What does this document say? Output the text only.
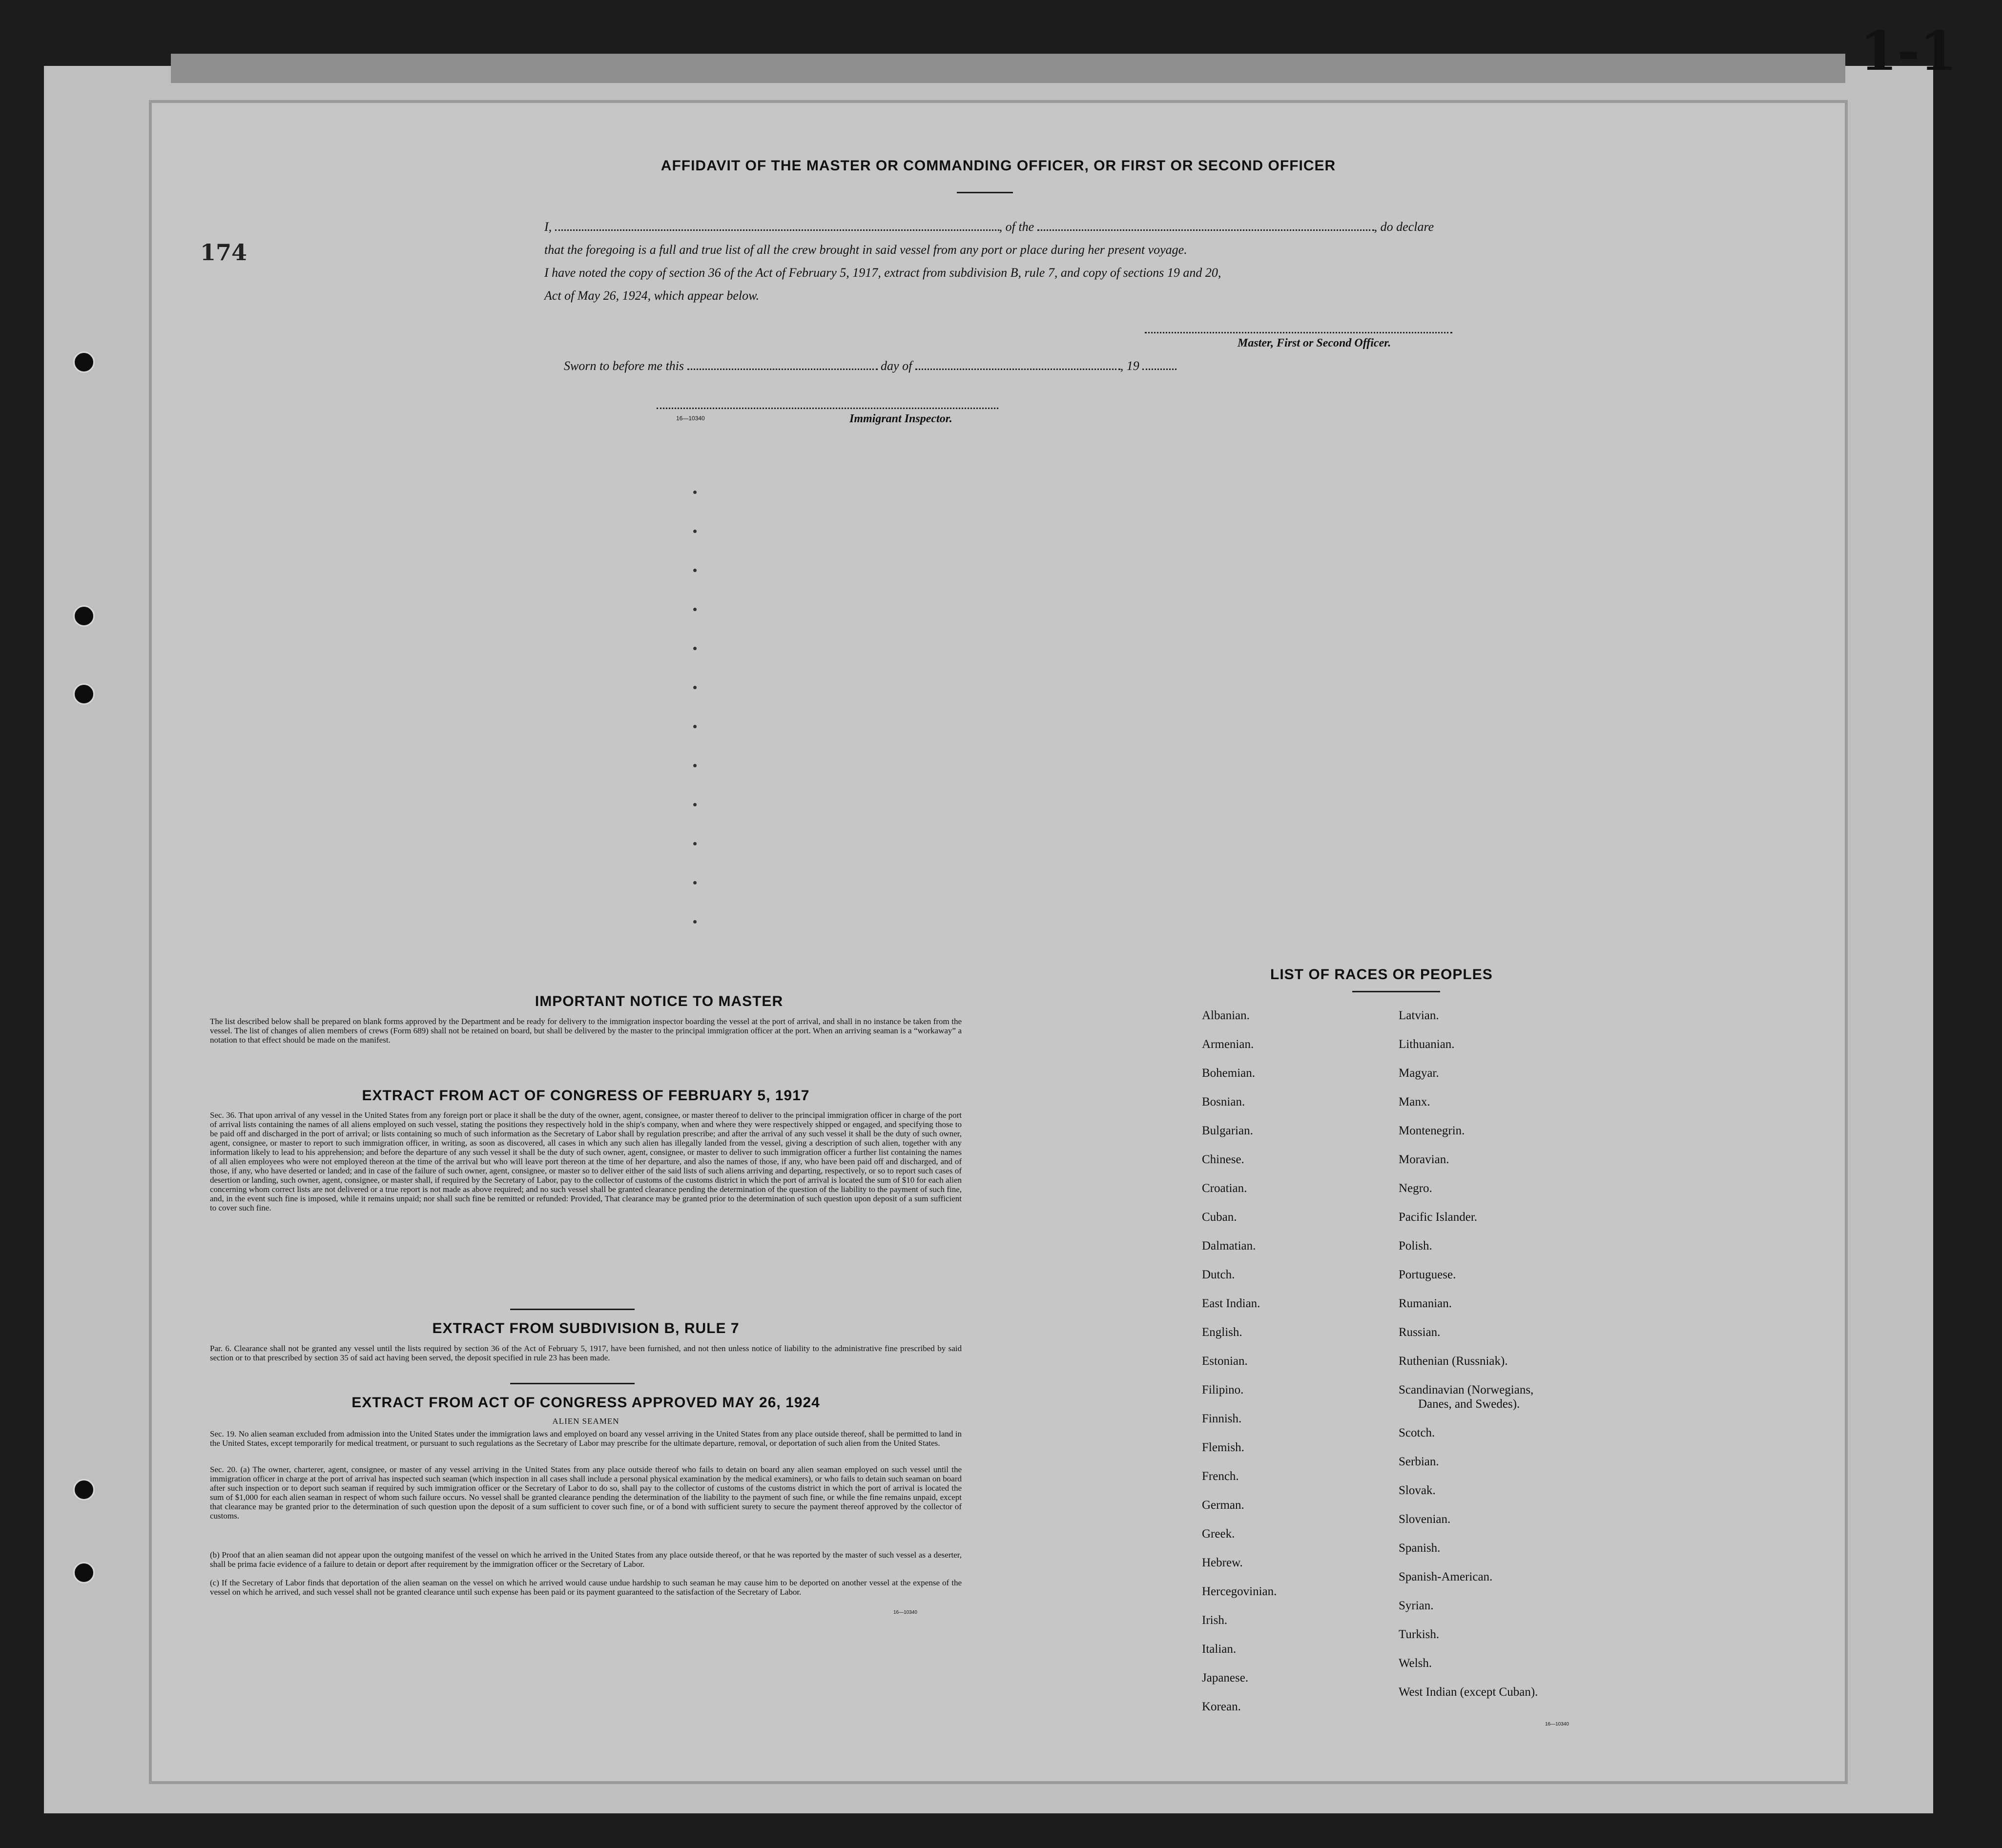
1-1
AFFIDAVIT OF THE MASTER OR COMMANDING OFFICER, OR FIRST OR SECOND OFFICER
I,	, of the	, do declare
that the foregoing is a full and true list of all the crew brought in said vessel from any port or place during her present voyage.
I have noted the copy of section 36 of the Act of February 5, 1917, extract from subdivision B, rule 7, and copy of sections 19 and 20,
Act of May 26, 1924, which appear below.
Master, First or Second Officer.
Sworn to before me this	day of	, 19
16—10340	Immigrant Inspector.
IMPORTANT NOTICE TO MASTER
The list described below shall be prepared on blank forms approved by the Department and be ready for delivery to the immigration inspector boarding the vessel at the port of arrival, and shall in no instance be taken from the vessel. The list of changes of alien members of crews (Form 689) shall not be retained on board, but shall be delivered by the master to the principal immigration officer at the port. When an arriving seaman is a “workaway” a notation to that effect should be made on the manifest.
EXTRACT FROM ACT OF CONGRESS OF FEBRUARY 5, 1917
Sec. 36. That upon arrival of any vessel in the United States from any foreign port or place it shall be the duty of the owner, agent, consignee, or master thereof to deliver to the principal immigration officer in charge of the port of arrival lists containing the names of all aliens employed on such vessel, stating the positions they respectively hold in the ship's company, when and where they were respectively shipped or engaged, and specifying those to be paid off and discharged in the port of arrival; or lists containing so much of such information as the Secretary of Labor shall by regulation prescribe; and after the arrival of any such vessel it shall be the duty of such owner, agent, consignee, or master to report to such immigration officer, in writing, as soon as discovered, all cases in which any such alien has illegally landed from the vessel, giving a description of such alien, together with any information likely to lead to his apprehension; and before the departure of any such vessel it shall be the duty of such owner, agent, consignee, or master to deliver to such immigration officer a further list containing the names of all alien employees who were not employed thereon at the time of the arrival but who will leave port thereon at the time of her departure, and also the names of those, if any, who have been paid off and discharged, and of those, if any, who have deserted or landed; and in case of the failure of such owner, agent, consignee, or master so to deliver either of the said lists of such aliens arriving and departing, respectively, or so to report such cases of desertion or landing, such owner, agent, consignee, or master shall, if required by the Secretary of Labor, pay to the collector of customs of the customs district in which the port of arrival is located the sum of $10 for each alien concerning whom correct lists are not delivered or a true report is not made as above required; and no such vessel shall be granted clearance pending the determination of the question of the liability to the payment of such fine, and, in the event such fine is imposed, while it remains unpaid; nor shall such fine be remitted or refunded: Provided, That clearance may be granted prior to the determination of such question upon deposit of a sum sufficient to cover such fine.
EXTRACT FROM SUBDIVISION B, RULE 7
Par. 6. Clearance shall not be granted any vessel until the lists required by section 36 of the Act of February 5, 1917, have been furnished, and not then unless notice of liability to the administrative fine prescribed by said section or to that prescribed by section 35 of said act having been served, the deposit specified in rule 23 has been made.
EXTRACT FROM ACT OF CONGRESS APPROVED MAY 26, 1924
ALIEN SEAMEN
Sec. 19. No alien seaman excluded from admission into the United States under the immigration laws and employed on board any vessel arriving in the United States from any place outside thereof, shall be permitted to land in the United States, except temporarily for medical treatment, or pursuant to such regulations as the Secretary of Labor may prescribe for the ultimate departure, removal, or deportation of such alien from the United States.
Sec. 20. (a) The owner, charterer, agent, consignee, or master of any vessel arriving in the United States from any place outside thereof who fails to detain on board any alien seaman employed on such vessel until the immigration officer in charge at the port of arrival has inspected such seaman (which inspection in all cases shall include a personal physical examination by the medical examiners), or who fails to detain such seaman on board after such inspection or to deport such seaman if required by such immigration officer or the Secretary of Labor to do so, shall pay to the collector of customs of the customs district in which the port of arrival is located the sum of $1,000 for each alien seaman in respect of whom such failure occurs. No vessel shall be granted clearance pending the determination of the liability to the payment of such fine, or while the fine remains unpaid, except that clearance may be granted prior to the determination of such question upon the deposit of a sum sufficient to cover such fine, or of a bond with sufficient surety to secure the payment thereof approved by the collector of customs.
(b) Proof that an alien seaman did not appear upon the outgoing manifest of the vessel on which he arrived in the United States from any place outside thereof, or that he was reported by the master of such vessel as a deserter, shall be prima facie evidence of a failure to detain or deport after requirement by the immigration officer or the Secretary of Labor.
(c) If the Secretary of Labor finds that deportation of the alien seaman on the vessel on which he arrived would cause undue hardship to such seaman he may cause him to be deported on another vessel at the expense of the vessel on which he arrived, and such vessel shall not be granted clearance until such expense has been paid or its payment guaranteed to the satisfaction of the Secretary of Labor.
16—10340
LIST OF RACES OR PEOPLES
Albanian.
Armenian.
Bohemian.
Bosnian.
Bulgarian.
Chinese.
Croatian.
Cuban.
Dalmatian.
Dutch.
East Indian.
English.
Estonian.
Filipino.
Finnish.
Flemish.
French.
German.
Greek.
Hebrew.
Hercegovinian.
Irish.
Italian.
Japanese.
Korean.
Latvian.
Lithuanian.
Magyar.
Manx.
Montenegrin.
Moravian.
Negro.
Pacific Islander.
Polish.
Portuguese.
Rumanian.
Russian.
Ruthenian (Russniak).
Scandinavian (Norwegians,
Danes, and Swedes).
Scotch.
Serbian.
Slovak.
Slovenian.
Spanish.
Spanish-American.
Syrian.
Turkish.
Welsh.
West Indian (except Cuban).
16—10340
174
